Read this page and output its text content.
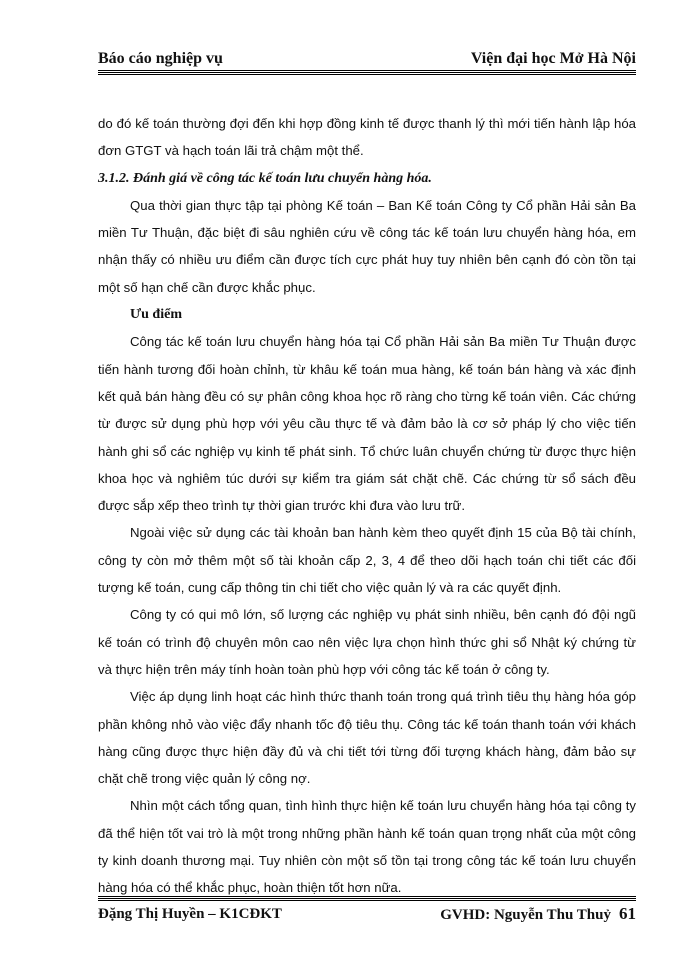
Báo cáo nghiệp vụ	Viện đại học Mở Hà Nội

do đó kế toán thường đợi đến khi hợp đồng kinh tế được thanh lý thì mới tiến hành lập hóa đơn GTGT và hạch toán lãi trả chậm một thể.

3.1.2. Đánh giá về công tác kế toán lưu chuyển hàng hóa.

Qua thời gian thực tập tại phòng Kế toán – Ban Kế toán Công ty Cổ phần Hải sản Ba miền Tư Thuận, đặc biệt đi sâu nghiên cứu về công tác kế toán lưu chuyển hàng hóa, em nhận thấy có nhiều ưu điểm cần được tích cực phát huy tuy nhiên bên cạnh đó còn tồn tại một số hạn chế cần được khắc phục.

Ưu điểm

Công tác kế toán lưu chuyển hàng hóa tại Cổ phần Hải sản Ba miền Tư Thuận được tiến hành tương đối hoàn chỉnh, từ khâu kế toán mua hàng, kế toán bán hàng và xác định kết quả bán hàng đều có sự phân công khoa học rõ ràng cho từng kế toán viên. Các chứng từ được sử dụng phù hợp với yêu cầu thực tế và đảm bảo là cơ sở pháp lý cho việc tiến hành ghi sổ các nghiệp vụ kinh tế phát sinh. Tổ chức luân chuyển chứng từ được thực hiện khoa học và nghiêm túc dưới sự kiểm tra giám sát chặt chẽ. Các chứng từ sổ sách đều được sắp xếp theo trình tự thời gian trước khi đưa vào lưu trữ.

Ngoài việc sử dụng các tài khoản ban hành kèm theo quyết định 15 của Bộ tài chính, công ty còn mở thêm một số tài khoản cấp 2, 3, 4 để theo dõi hạch toán chi tiết các đối tượng kế toán, cung cấp thông tin chi tiết cho việc quản lý và ra các quyết định.

Công ty có qui mô lớn, số lượng các nghiệp vụ phát sinh nhiều, bên cạnh đó đội ngũ kế toán có trình độ chuyên môn cao nên việc lựa chọn hình thức ghi sổ Nhật ký chứng từ và thực hiện trên máy tính hoàn toàn phù hợp với công tác kế toán ở công ty.

Việc áp dụng linh hoạt các hình thức thanh toán trong quá trình tiêu thụ hàng hóa góp phần không nhỏ vào việc đẩy nhanh tốc độ tiêu thụ. Công tác kế toán thanh toán với khách hàng cũng được thực hiện đầy đủ và chi tiết tới từng đối tượng khách hàng, đảm bảo sự chặt chẽ trong việc quản lý công nợ.

Nhìn một cách tổng quan, tình hình thực hiện kế toán lưu chuyển hàng hóa tại công ty đã thể hiện tốt vai trò là một trong những phần hành kế toán quan trọng nhất của một công ty kinh doanh thương mại. Tuy nhiên còn một số tồn tại trong công tác kế toán lưu chuyển hàng hóa có thể khắc phục, hoàn thiện tốt hơn nữa.

Đặng Thị Huyền – K1CĐKT	GVHD: Nguyễn Thu Thuỷ 61
